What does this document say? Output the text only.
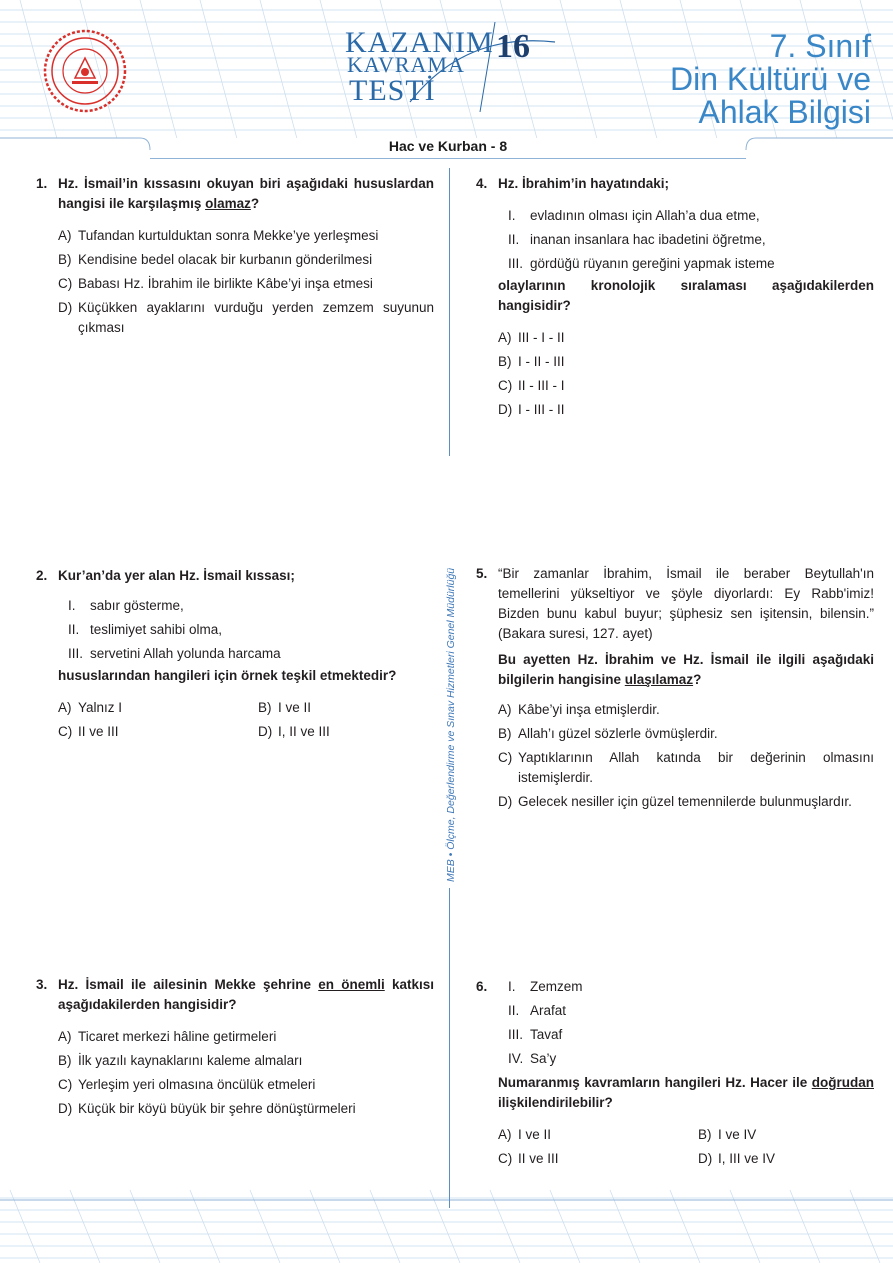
KAZANIM
KAVRAMA
TESTİ
16	7. Sınıf
Din Kültürü ve
Ahlak Bilgisi
Hac ve Kurban - 8
MEB • Ölçme, Değerlendirme ve Sınav Hizmetleri Genel Müdürlüğü
1. Hz. İsmail’in kıssasını okuyan biri aşağıdaki hususlardan hangisi ile karşılaşmış olamaz?
A) Tufandan kurtulduktan sonra Mekke’ye yerleşmesi
B) Kendisine bedel olacak bir kurbanın gönderilmesi
C) Babası Hz. İbrahim ile birlikte Kâbe’yi inşa etmesi
D) Küçükken ayaklarını vurduğu yerden zemzem suyunun çıkması
2. Kur’an’da yer alan Hz. İsmail kıssası;
I. sabır gösterme,
II. teslimiyet sahibi olma,
III. servetini Allah yolunda harcama
hususlarından hangileri için örnek teşkil etmektedir?
A) Yalnız I	B) I ve II
C) II ve III	D) I, II ve III
3. Hz. İsmail ile ailesinin Mekke şehrine en önemli katkısı aşağıdakilerden hangisidir?
A) Ticaret merkezi hâline getirmeleri
B) İlk yazılı kaynaklarını kaleme almaları
C) Yerleşim yeri olmasına öncülük etmeleri
D) Küçük bir köyü büyük bir şehre dönüştürmeleri
4. Hz. İbrahim’in hayatındaki;
I. evladının olması için Allah’a dua etme,
II. inanan insanlara hac ibadetini öğretme,
III. gördüğü rüyanın gereğini yapmak isteme
olaylarının kronolojik sıralaması aşağıdakilerden hangisidir?
A) III - I - II
B) I - II - III
C) II - III - I
D) I - III - II
5. “Bir zamanlar İbrahim, İsmail ile beraber Beytullah'ın temellerini yükseltiyor ve şöyle diyorlardı: Ey Rabb'imiz! Bizden bunu kabul buyur; şüphesiz sen işitensin, bilensin.” (Bakara suresi, 127. ayet)
Bu ayetten Hz. İbrahim ve Hz. İsmail ile ilgili aşağıdaki bilgilerin hangisine ulaşılamaz?
A) Kâbe’yi inşa etmişlerdir.
B) Allah’ı güzel sözlerle övmüşlerdir.
C) Yaptıklarının Allah katında bir değerinin olmasını istemişlerdir.
D) Gelecek nesiller için güzel temennilerde bulunmuşlardır.
6. I. Zemzem
II. Arafat
III. Tavaf
IV. Sa’y
Numaranmış kavramların hangileri Hz. Hacer ile doğrudan ilişkilendirilebilir?
A) I ve II	B) I ve IV
C) II ve III	D) I, III ve IV
